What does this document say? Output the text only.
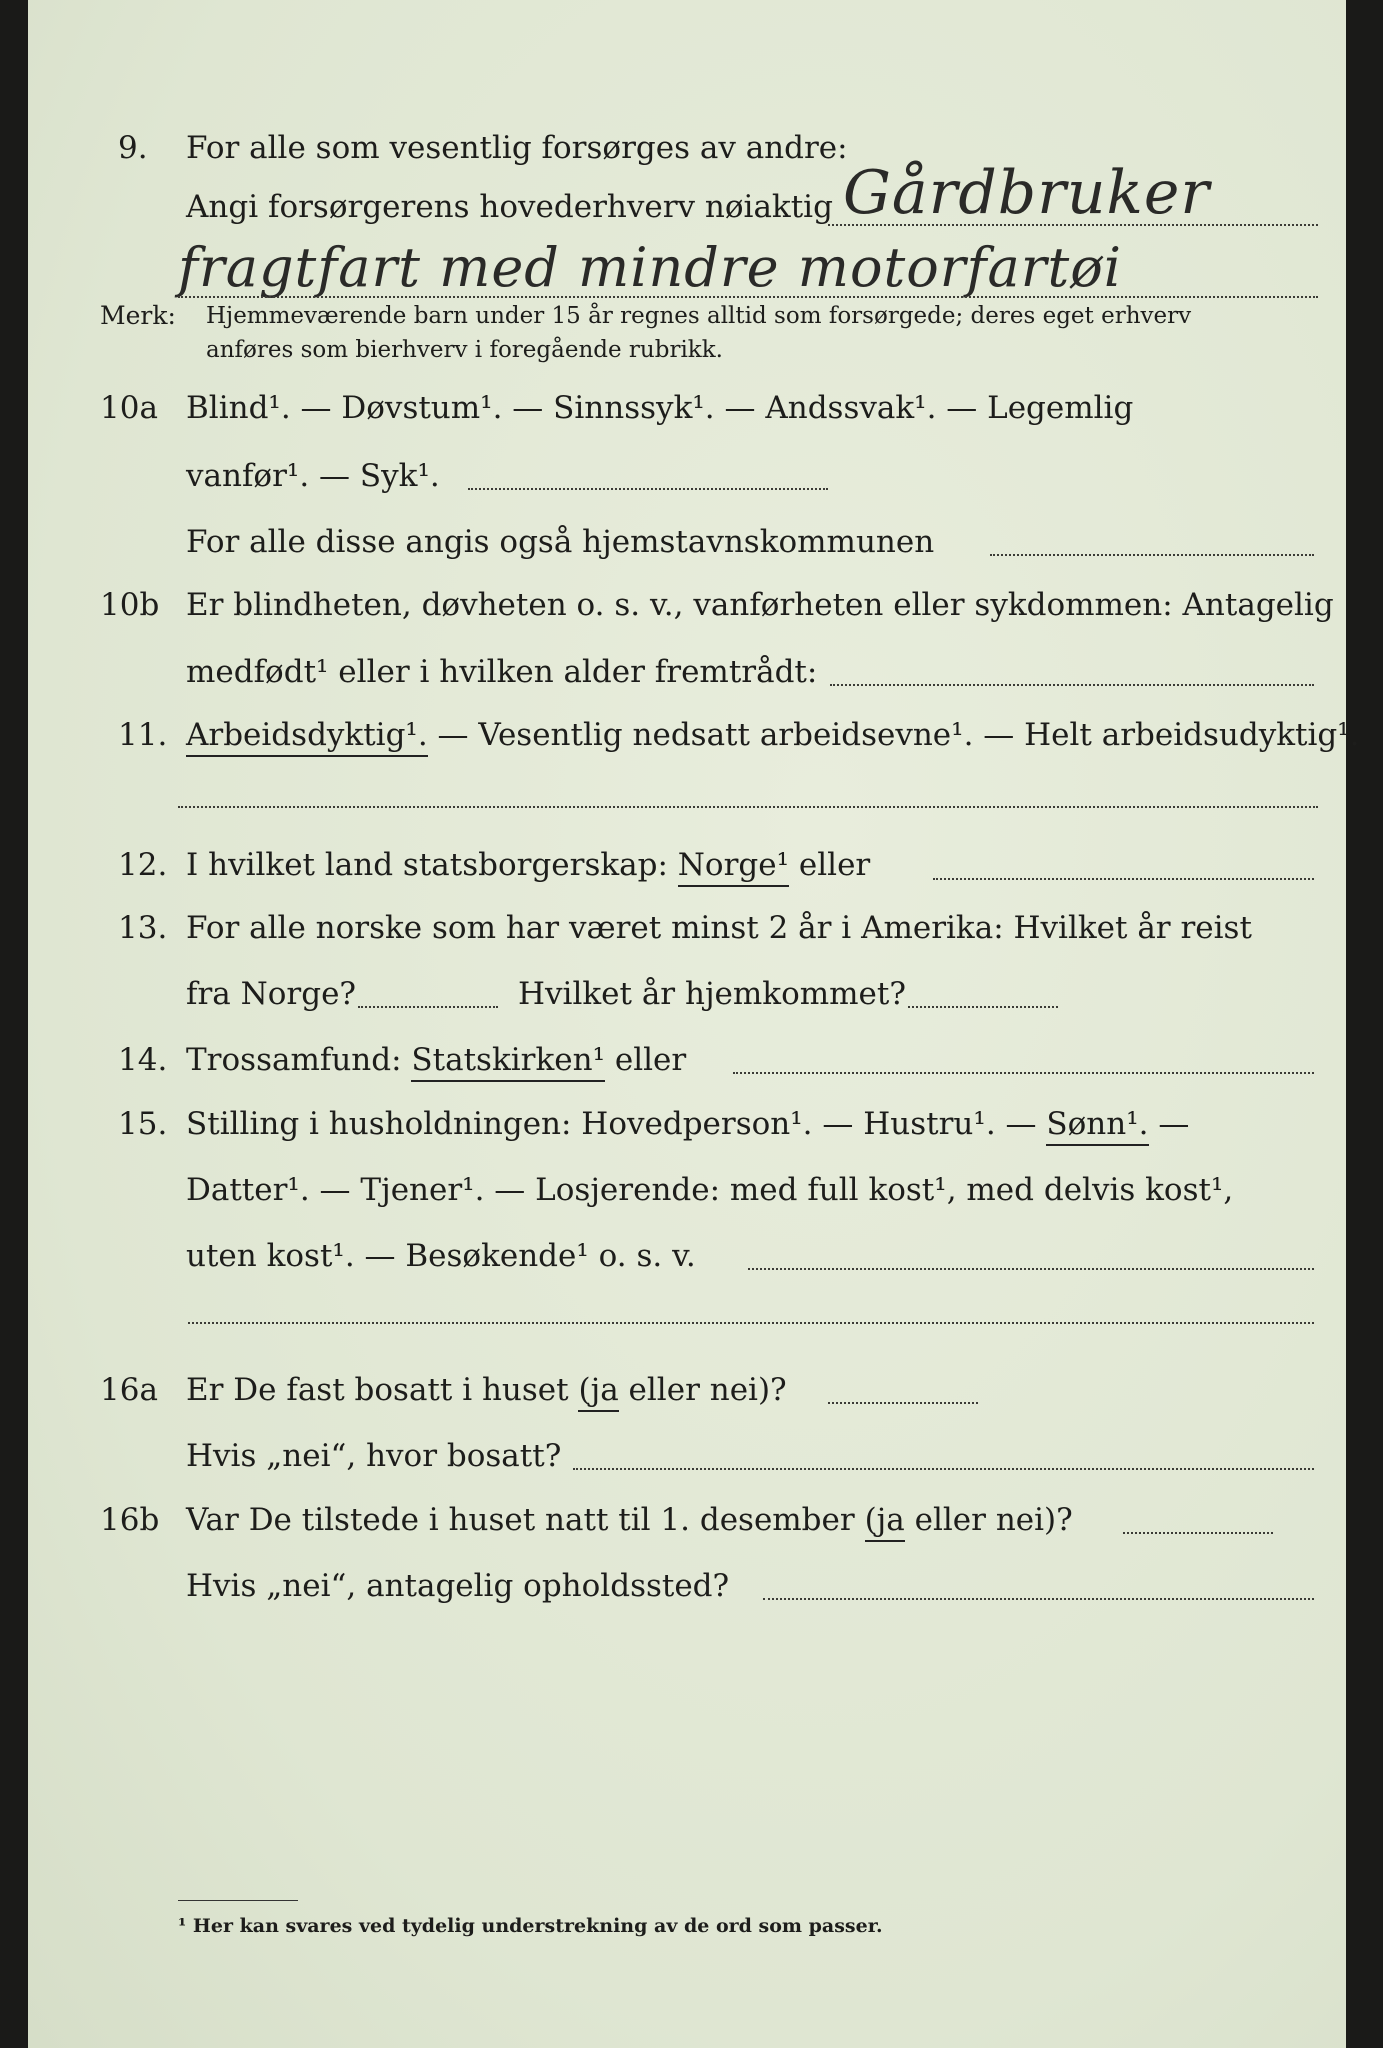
9. For alle som vesentlig forsørges av andre:
Angi forsørgerens hovederhverv nøiaktig Gårdbruker
fragtfart med mindre motorfartøi
Merk: Hjemmeværende barn under 15 år regnes alltid som forsørgede; deres eget erhverv
anføres som bierhverv i foregående rubrikk.
10a Blind¹. — Døvstum¹. — Sinnssyk¹. — Andssvak¹. — Legemlig
vanfør¹. — Syk¹.
For alle disse angis også hjemstavnskommunen
10b Er blindheten, døvheten o. s. v., vanførheten eller sykdommen: Antagelig
medfødt¹ eller i hvilken alder fremtrådt:
11. Arbeidsdyktig¹. — Vesentlig nedsatt arbeidsevne¹. — Helt arbeidsudyktig¹.
12. I hvilket land statsborgerskap: Norge¹ eller
13. For alle norske som har været minst 2 år i Amerika: Hvilket år reist
fra Norge?	Hvilket år hjemkommet?
14. Trossamfund: Statskirken¹ eller
15. Stilling i husholdningen: Hovedperson¹. — Hustru¹. — Sønn¹. —
Datter¹. — Tjener¹. — Losjerende: med full kost¹, med delvis kost¹,
uten kost¹. — Besøkende¹ o. s. v.
16a Er De fast bosatt i huset (ja eller nei)?
Hvis „nei“, hvor bosatt?
16b Var De tilstede i huset natt til 1. desember (ja eller nei)?
Hvis „nei“, antagelig opholdssted?
¹ Her kan svares ved tydelig understrekning av de ord som passer.
